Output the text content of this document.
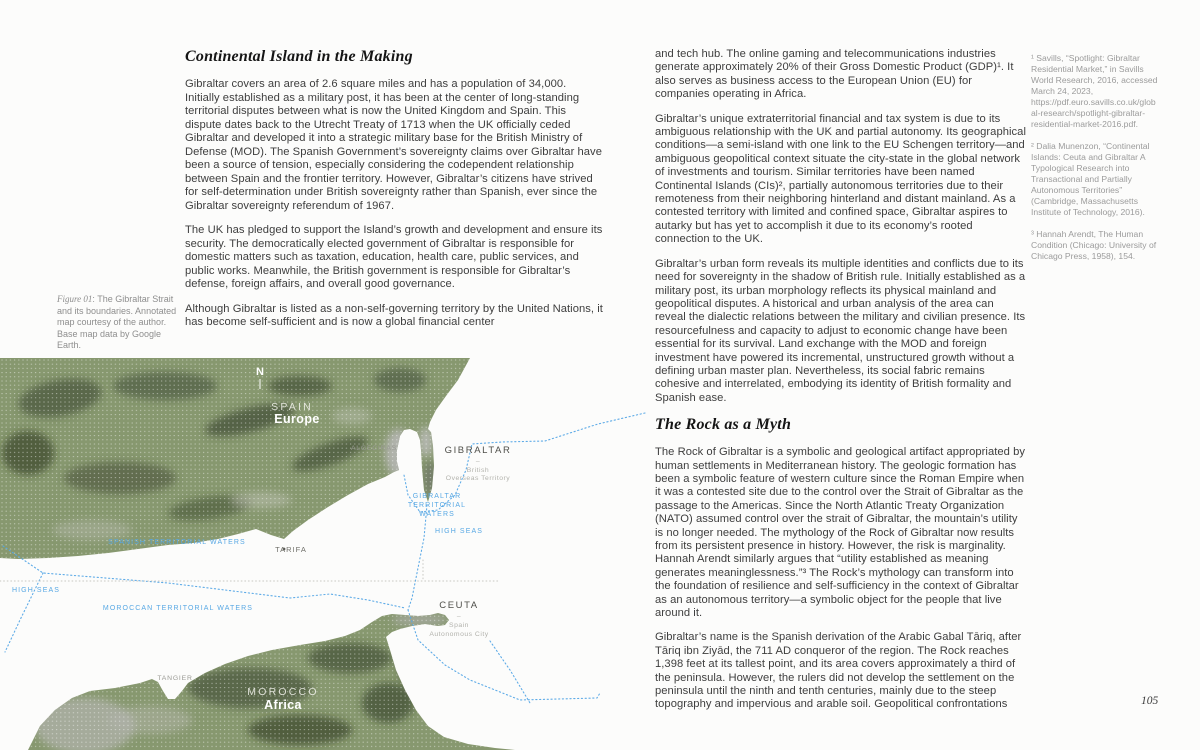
Continental Island in the Making

Gibraltar covers an area of 2.6 square miles and has a population of 34,000. Initially established as a military post, it has been at the center of long-standing territorial disputes between what is now the United Kingdom and Spain. This dispute dates back to the Utrecht Treaty of 1713 when the UK officially ceded Gibraltar and developed it into a strategic military base for the British Ministry of Defense (MOD). The Spanish Government’s sovereignty claims over Gibraltar have been a source of tension, especially considering the codependent relationship between Spain and the frontier territory. However, Gibraltar’s citizens have strived for self-determination under British sovereignty rather than Spanish, ever since the Gibraltar sovereignty referendum of 1967.

The UK has pledged to support the Island’s growth and development and ensure its security. The democratically elected government of Gibraltar is responsible for domestic matters such as taxation, education, health care, public services, and public works. Meanwhile, the British government is responsible for Gibraltar’s defense, foreign affairs, and overall good governance.

Although Gibraltar is listed as a non-self-governing territory by the United Nations, it has become self-sufficient and is now a global financial center

Figure 01: The Gibraltar Strait and its boundaries. Annotated map courtesy of the author. Base map data by Google Earth.

and tech hub. The online gaming and telecommunications industries generate approximately 20% of their Gross Domestic Product (GDP)¹. It also serves as business access to the European Union (EU) for companies operating in Africa.

Gibraltar’s unique extraterritorial financial and tax system is due to its ambiguous relationship with the UK and partial autonomy. Its geographical conditions—a semi-island with one link to the EU Schengen territory—and ambiguous geopolitical context situate the city-state in the global network of investments and tourism. Similar territories have been named Continental Islands (CIs)², partially autonomous territories due to their remoteness from their neighboring hinterland and distant mainland. As a contested territory with limited and confined space, Gibraltar aspires to autarky but has yet to accomplish it due to its economy’s rooted connection to the UK.

Gibraltar’s urban form reveals its multiple identities and conflicts due to its need for sovereignty in the shadow of British rule. Initially established as a military post, its urban morphology reflects its physical mainland and geopolitical disputes. A historical and urban analysis of the area can reveal the dialectic relations between the military and civilian presence. Its resourcefulness and capacity to adjust to economic change have been essential for its survival. Land exchange with the MOD and foreign investment have powered its incremental, unstructured growth without a defining urban master plan. Nevertheless, its social fabric remains cohesive and interrelated, embodying its identity of British formality and Spanish ease.

The Rock as a Myth

The Rock of Gibraltar is a symbolic and geological artifact appropriated by human settlements in Mediterranean history. The geologic formation has been a symbolic feature of western culture since the Roman Empire when it was a contested site due to the control over the Strait of Gibraltar as the passage to the Americas. Since the North Atlantic Treaty Organization (NATO) assumed control over the strait of Gibraltar, the mountain’s utility is no longer needed. The mythology of the Rock of Gibraltar now results from its persistent presence in history. However, the risk is marginality. Hannah Arendt similarly argues that “utility established as meaning generates meaninglessness.”³ The Rock’s mythology can transform into the foundation of resilience and self-sufficiency in the context of Gibraltar as an autonomous territory—a symbolic object for the people that live around it.

Gibraltar’s name is the Spanish derivation of the Arabic Gabal Tāriq, after Tāriq ibn Ziyād, the 711 AD conqueror of the region. The Rock reaches 1,398 feet at its tallest point, and its area covers approximately a third of the peninsula. However, the rulers did not develop the settlement on the peninsula until the ninth and tenth centuries, mainly due to the steep topography and impervious and arable soil. Geopolitical confrontations

¹ Savills, “Spotlight: Gibraltar Residential Market,” in Savills World Research, 2016, accessed March 24, 2023, https://pdf.euro.savills.co.uk/global-research/spotlight-gibraltar-residential-market-2016.pdf.

² Dalia Munenzon, “Continental Islands: Ceuta and Gibraltar A Typological Research into Transactional and Partially Autonomous Territories” (Cambridge, Massachusetts Institute of Technology, 2016).

³ Hannah Arendt, The Human Condition (Chicago: University of Chicago Press, 1958), 154.

105
N
SPAIN
Europe
ALGECIRAS	GIBRALTAR
–
British
Overseas Territory
GIBRALTAR
TERRITORIAL
WATERS
HIGH SEAS
SPANISH TERRITORIAL WATERS
HIGH SEAS
MOROCCAN TERRITORIAL WATERS
TARIFA
CEUTA
–
Spain
Autonomous City
TANGIER
MOROCCO
Africa
